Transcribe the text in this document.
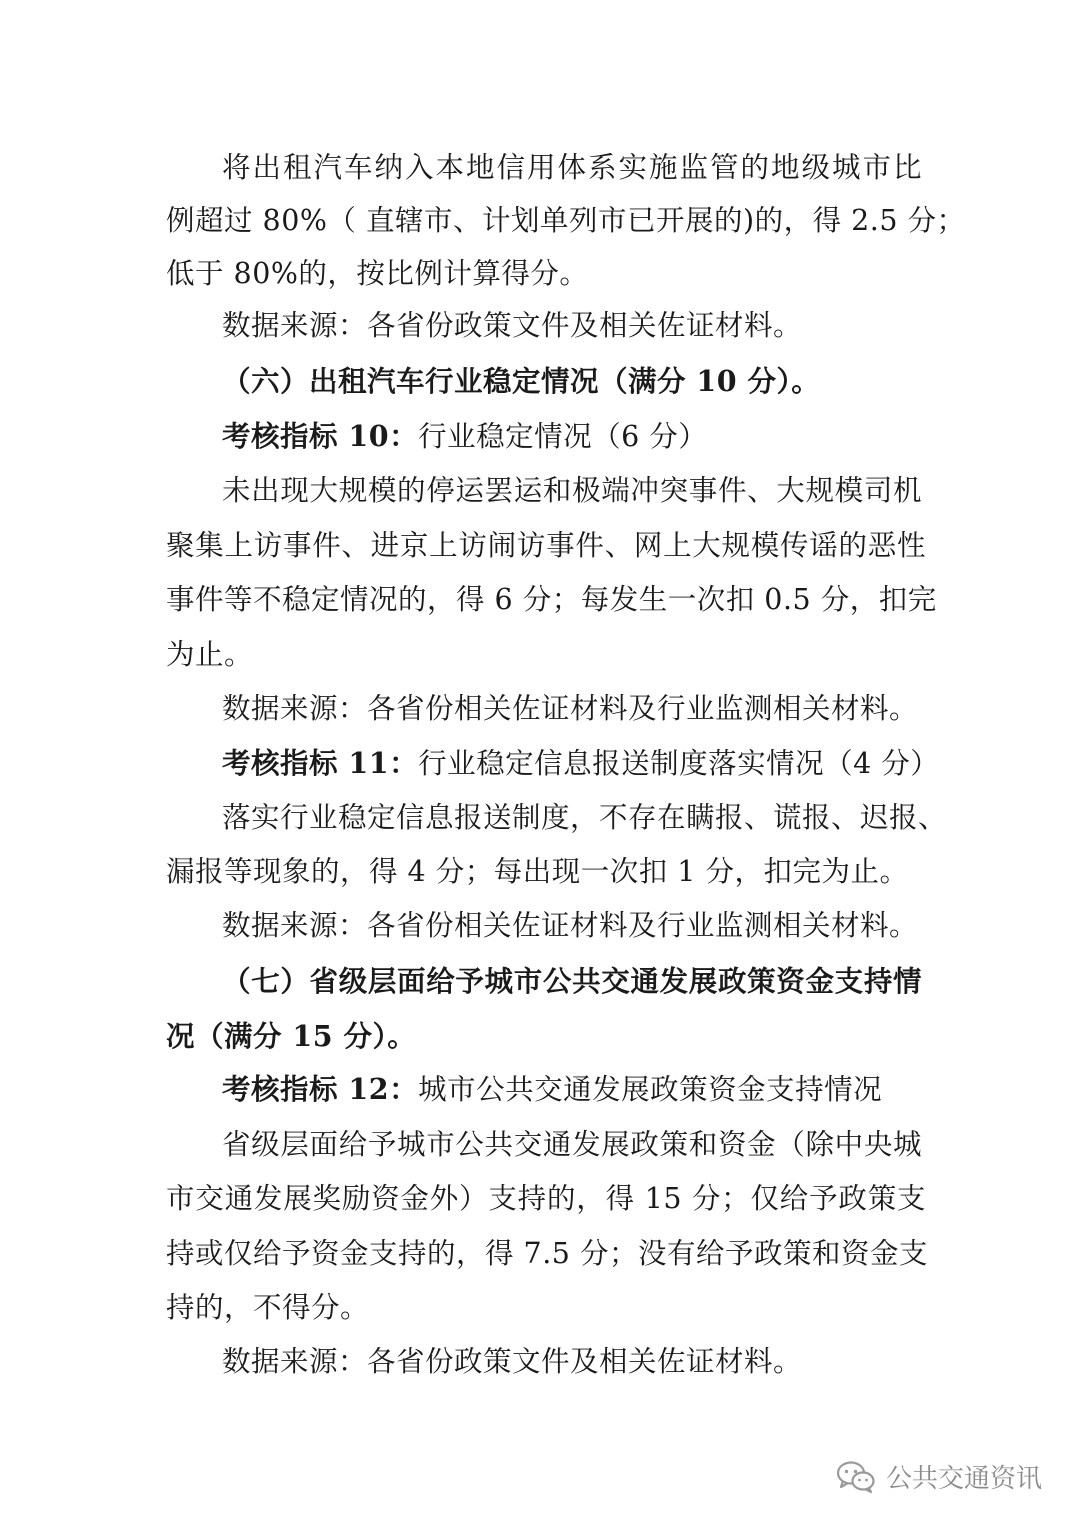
将出租汽车纳入本地信用体系实施监管的地级城市比
例超过 80%（ 直辖市、计划单列市已开展的)的，得 2.5 分；
低于 80%的，按比例计算得分。
数据来源：各省份政策文件及相关佐证材料。
（六）出租汽车行业稳定情况（满分 10 分）。
考核指标 10：行业稳定情况（6 分）
未出现大规模的停运罢运和极端冲突事件、大规模司机
聚集上访事件、进京上访闹访事件、网上大规模传谣的恶性
事件等不稳定情况的，得 6 分；每发生一次扣 0.5 分，扣完
为止。
数据来源：各省份相关佐证材料及行业监测相关材料。
考核指标 11：行业稳定信息报送制度落实情况（4 分）
落实行业稳定信息报送制度，不存在瞒报、谎报、迟报、
漏报等现象的，得 4 分；每出现一次扣 1 分，扣完为止。
数据来源：各省份相关佐证材料及行业监测相关材料。
（七）省级层面给予城市公共交通发展政策资金支持情
况（满分 15 分）。
考核指标 12：城市公共交通发展政策资金支持情况
省级层面给予城市公共交通发展政策和资金（除中央城
市交通发展奖励资金外）支持的，得 15 分；仅给予政策支
持或仅给予资金支持的，得 7.5 分；没有给予政策和资金支
持的，不得分。
数据来源：各省份政策文件及相关佐证材料。
公共交通资讯
